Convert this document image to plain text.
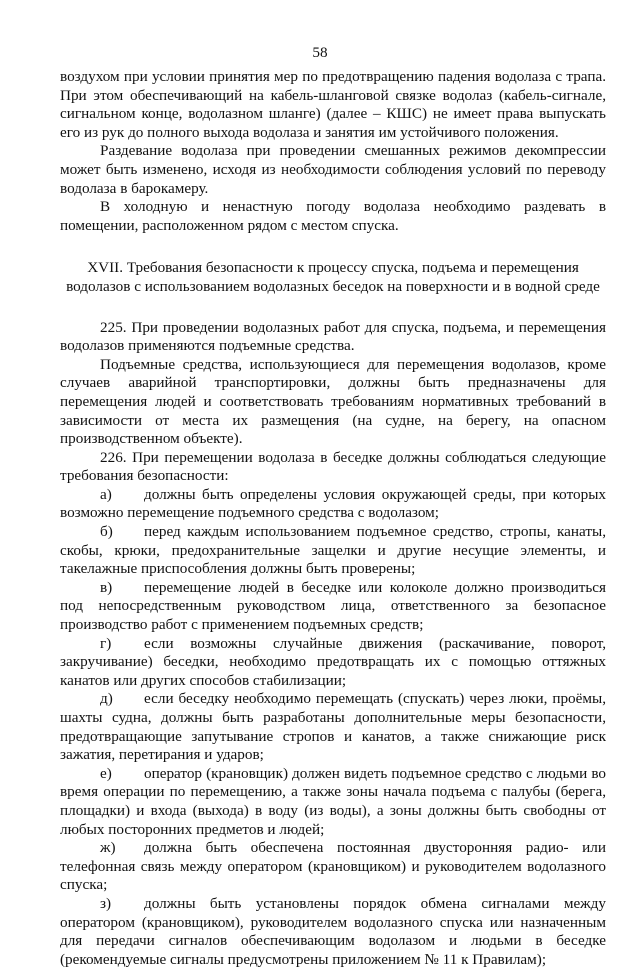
58

воздухом при условии принятия мер по предотвращению падения водолаза с трапа. При этом обеспечивающий на кабель-шланговой связке водолаз (кабель-сигнале, сигнальном конце, водолазном шланге) (далее – КШС) не имеет права выпускать его из рук до полного выхода водолаза и занятия им устойчивого положения.

Раздевание водолаза при проведении смешанных режимов декомпрессии может быть изменено, исходя из необходимости соблюдения условий по переводу водолаза в барокамеру.

В холодную и ненастную погоду водолаза необходимо раздевать в помещении, расположенном рядом с местом спуска.

XVII. Требования безопасности к процессу спуска, подъема и перемещения водолазов с использованием водолазных беседок на поверхности и в водной среде

225. При проведении водолазных работ для спуска, подъема, и перемещения водолазов применяются подъемные средства.

Подъемные средства, использующиеся для перемещения водолазов, кроме случаев аварийной транспортировки, должны быть предназначены для перемещения людей и соответствовать требованиям нормативных требований в зависимости от места их размещения (на судне, на берегу, на опасном производственном объекте).

226. При перемещении водолаза в беседке должны соблюдаться следующие требования безопасности:

а) должны быть определены условия окружающей среды, при которых возможно перемещение подъемного средства с водолазом;

б) перед каждым использованием подъемное средство, стропы, канаты, скобы, крюки, предохранительные защелки и другие несущие элементы, и такелажные приспособления должны быть проверены;

в) перемещение людей в беседке или колоколе должно производиться под непосредственным руководством лица, ответственного за безопасное производство работ с применением подъемных средств;

г) если возможны случайные движения (раскачивание, поворот, закручивание) беседки, необходимо предотвращать их с помощью оттяжных канатов или других способов стабилизации;

д) если беседку необходимо перемещать (спускать) через люки, проёмы, шахты судна, должны быть разработаны дополнительные меры безопасности, предотвращающие запутывание стропов и канатов, а также снижающие риск зажатия, перетирания и ударов;

е) оператор (крановщик) должен видеть подъемное средство с людьми во время операции по перемещению, а также зоны начала подъема с палубы (берега, площадки) и входа (выхода) в воду (из воды), а зоны должны быть свободны от любых посторонних предметов и людей;

ж) должна быть обеспечена постоянная двусторонняя радио- или телефонная связь между оператором (крановщиком) и руководителем водолазного спуска;

з) должны быть установлены порядок обмена сигналами между оператором (крановщиком), руководителем водолазного спуска или назначенным для передачи сигналов обеспечивающим водолазом и людьми в беседке (рекомендуемые сигналы предусмотрены приложением № 11 к Правилам);
